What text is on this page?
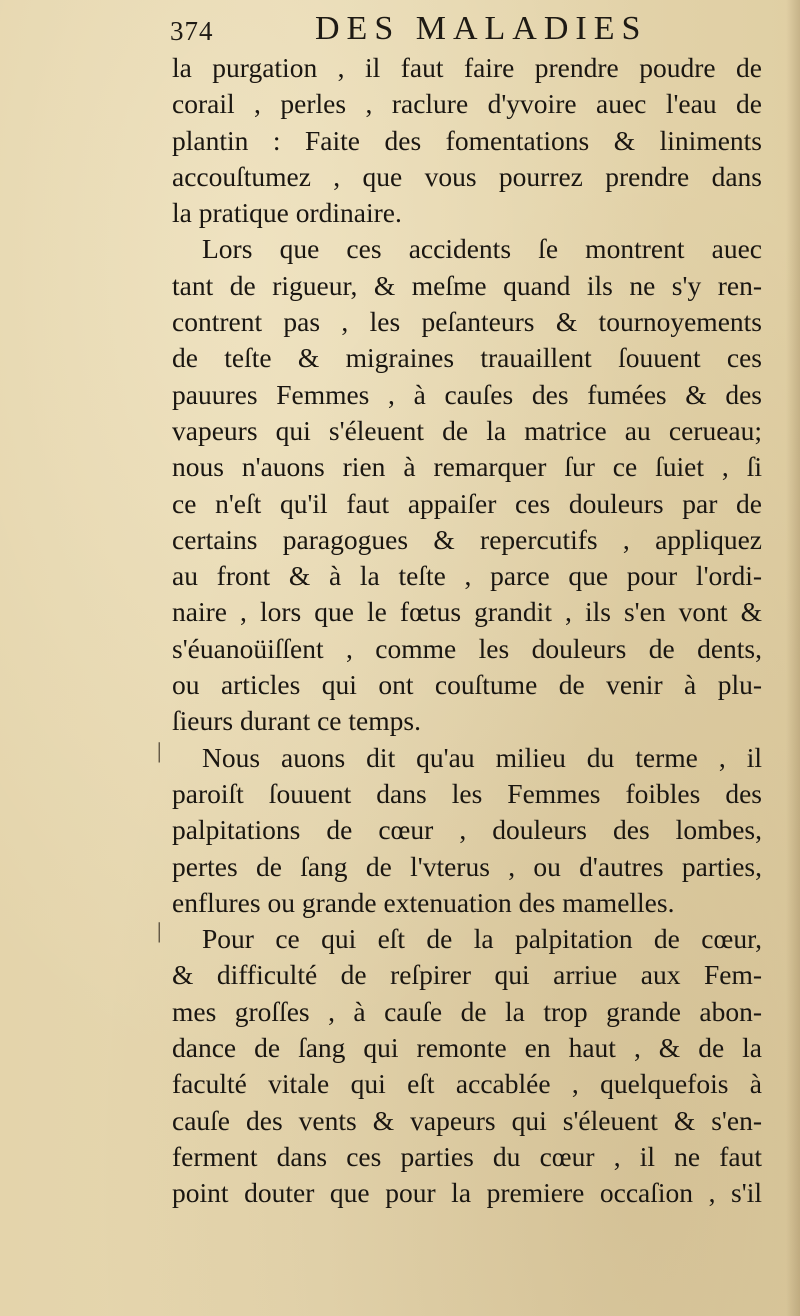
374	DES MALADIES
|
|
la purgation , il faut faire prendre poudre de
corail , perles , raclure d'yvoire auec l'eau de
plantin : Faite des fomentations & liniments
accouſtumez , que vous pourrez prendre dans
la pratique ordinaire.
Lors que ces accidents ſe montrent auec
tant de rigueur, & meſme quand ils ne s'y ren-
contrent pas , les peſanteurs & tournoyements
de teſte & migraines trauaillent ſouuent ces
pauures Femmes , à cauſes des fumées & des
vapeurs qui s'éleuent de la matrice au cerueau;
nous n'auons rien à remarquer ſur ce ſuiet , ſi
ce n'eſt qu'il faut appaiſer ces douleurs par de
certains paragogues & repercutifs , appliquez
au front & à la teſte , parce que pour l'ordi-
naire , lors que le fœtus grandit , ils s'en vont &
s'éuanoüiſſent , comme les douleurs de dents,
ou articles qui ont couſtume de venir à plu-
ſieurs durant ce temps.
Nous auons dit qu'au milieu du terme , il
paroiſt ſouuent dans les Femmes foibles des
palpitations de cœur , douleurs des lombes,
pertes de ſang de l'vterus , ou d'autres parties,
enflures ou grande extenuation des mamelles.
Pour ce qui eſt de la palpitation de cœur,
& difficulté de reſpirer qui arriue aux Fem-
mes groſſes , à cauſe de la trop grande abon-
dance de ſang qui remonte en haut , & de la
faculté vitale qui eſt accablée , quelquefois à
cauſe des vents & vapeurs qui s'éleuent & s'en-
ferment dans ces parties du cœur , il ne faut
point douter que pour la premiere occaſion , s'il
